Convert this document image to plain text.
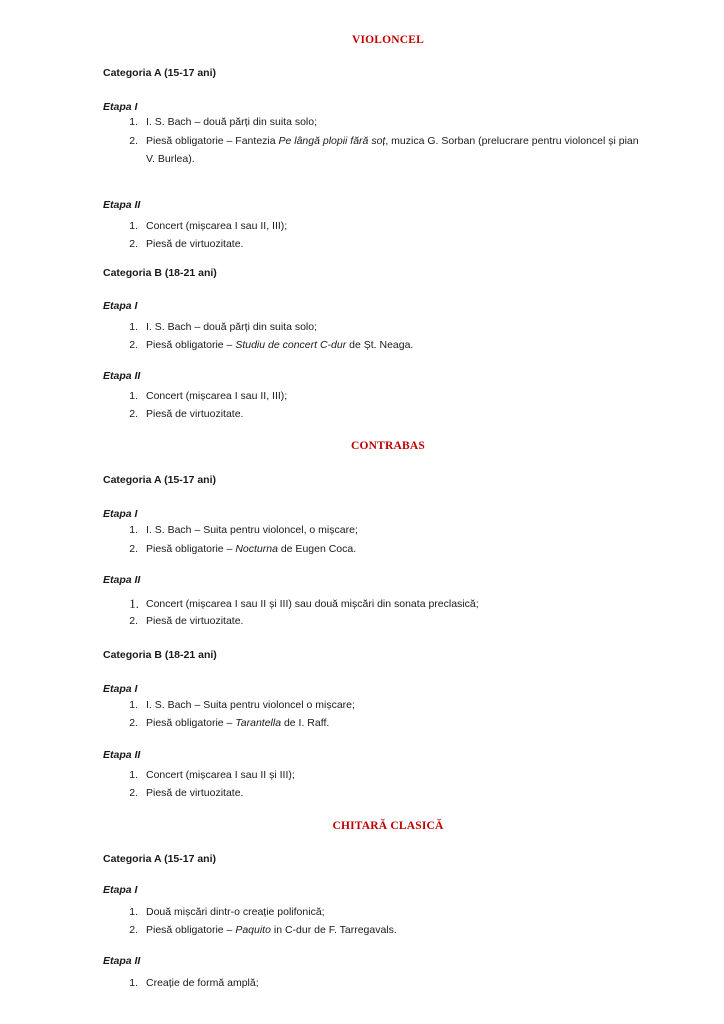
VIOLONCEL
Categoria A (15-17 ani)
Etapa I
1. I. S. Bach – două părți din suita solo;
2. Piesă obligatorie – Fantezia Pe lângă plopii fără soț, muzica G. Sorban (prelucrare pentru violoncel și pian
V. Burlea).
Etapa II
1. Concert (mișcarea I sau II, III);
2. Piesă de virtuozitate.
Categoria B (18-21 ani)
Etapa I
1. I. S. Bach – două părți din suita solo;
2. Piesă obligatorie – Studiu de concert C-dur de Șt. Neaga.
Etapa II
1. Concert (mișcarea I sau II, III);
2. Piesă de virtuozitate.
CONTRABAS
Categoria A (15-17 ani)
Etapa I
1. I. S. Bach – Suita pentru violoncel, o mișcare;
2. Piesă obligatorie – Nocturna de Eugen Coca.
Etapa II
1. Concert (mișcarea I sau II și III) sau două mișcări din sonata preclasică;
2. Piesă de virtuozitate.
Categoria B (18-21 ani)
Etapa I
1. I. S. Bach – Suita pentru violoncel o mișcare;
2. Piesă obligatorie – Tarantella de I. Raff.
Etapa II
1. Concert (mișcarea I sau II și III);
2. Piesă de virtuozitate.
CHITARĂ CLASICĂ
Categoria A (15-17 ani)
Etapa I
1. Două mișcări dintr-o creație polifonică;
2. Piesă obligatorie – Paquito in C-dur de F. Tarregavals.
Etapa II
1. Creație de formă amplă;
